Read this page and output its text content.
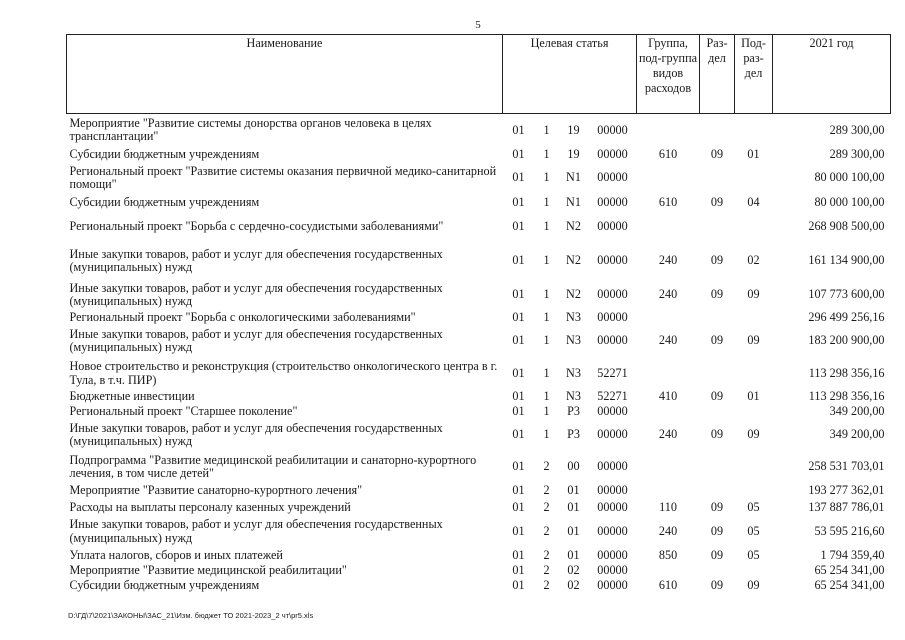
5
Наименование	Целевая статья				Группа, под-группа видов расходов	Раз-дел	Под-раз-дел	2021 год
Мероприятие "Развитие системы донорства органов человека в целях трансплантации"	01	1	19	00000				289 300,00
Субсидии бюджетным учреждениям	01	1	19	00000	610	09	01	289 300,00
Региональный проект "Развитие системы оказания первичной медико-санитарной помощи"	01	1	N1	00000				80 000 100,00
Субсидии бюджетным учреждениям	01	1	N1	00000	610	09	04	80 000 100,00
Региональный проект "Борьба с сердечно-сосудистыми заболеваниями"	01	1	N2	00000				268 908 500,00
Иные закупки товаров, работ и услуг для обеспечения государственных (муниципальных) нужд	01	1	N2	00000	240	09	02	161 134 900,00
Иные закупки товаров, работ и услуг для обеспечения государственных (муниципальных) нужд	01	1	N2	00000	240	09	09	107 773 600,00
Региональный проект "Борьба с онкологическими заболеваниями"	01	1	N3	00000				296 499 256,16
Иные закупки товаров, работ и услуг для обеспечения государственных (муниципальных) нужд	01	1	N3	00000	240	09	09	183 200 900,00
Новое строительство и реконструкция (строительство онкологического центра в г. Тула, в т.ч. ПИР)	01	1	N3	52271				113 298 356,16
Бюджетные инвестиции	01	1	N3	52271	410	09	01	113 298 356,16
Региональный проект "Старшее поколение"	01	1	P3	00000				349 200,00
Иные закупки товаров, работ и услуг для обеспечения государственных (муниципальных) нужд	01	1	P3	00000	240	09	09	349 200,00
Подпрограмма "Развитие медицинской реабилитации и санаторно-курортного лечения, в том числе детей"	01	2	00	00000				258 531 703,01
Мероприятие "Развитие санаторно-курортного лечения"	01	2	01	00000				193 277 362,01
Расходы на выплаты персоналу казенных учреждений	01	2	01	00000	110	09	05	137 887 786,01
Иные закупки товаров, работ и услуг для обеспечения государственных (муниципальных) нужд	01	2	01	00000	240	09	05	53 595 216,60
Уплата налогов, сборов и иных платежей	01	2	01	00000	850	09	05	1 794 359,40
Мероприятие "Развитие медицинской реабилитации"	01	2	02	00000				65 254 341,00
Субсидии бюджетным учреждениям	01	2	02	00000	610	09	09	65 254 341,00
D:\ГД\7\2021\ЗАКОНЫ\ЗАС_21\Изм. бюджет ТО 2021-2023_2 чт\pr5.xls
